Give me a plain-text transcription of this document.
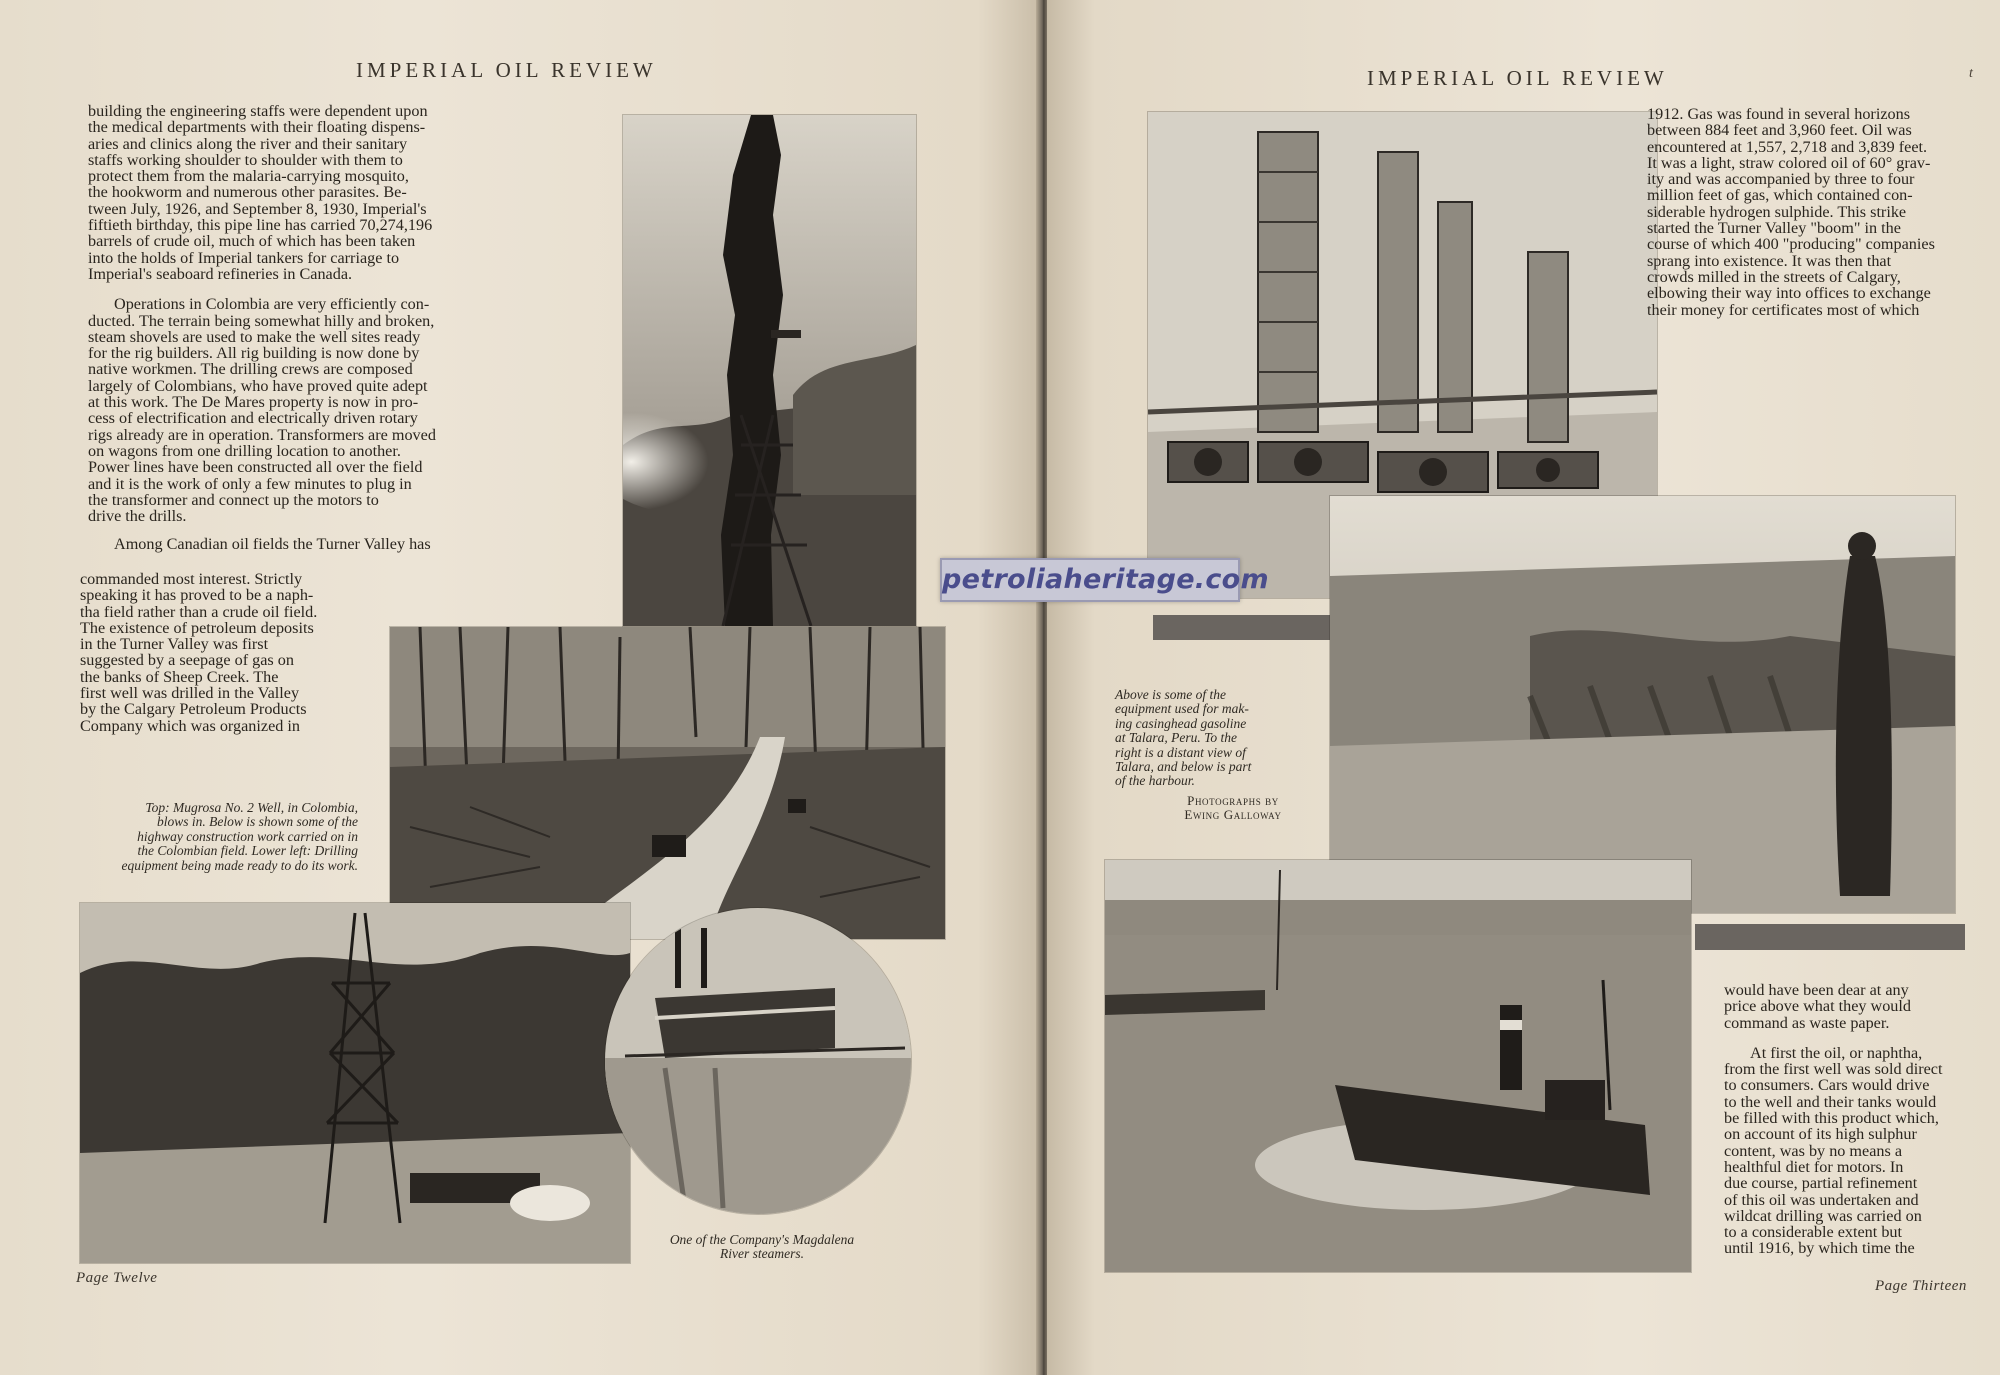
IMPERIAL OIL REVIEW

building the engineering staffs were dependent upon
the medical departments with their floating dispens-
aries and clinics along the river and their sanitary
staffs working shoulder to shoulder with them to
protect them from the malaria-carrying mosquito,
the hookworm and numerous other parasites. Be-
tween July, 1926, and September 8, 1930, Imperial's
fiftieth birthday, this pipe line has carried 70,274,196
barrels of crude oil, much of which has been taken
into the holds of Imperial tankers for carriage to
Imperial's seaboard refineries in Canada.

Operations in Colombia are very efficiently con-
ducted. The terrain being somewhat hilly and broken,
steam shovels are used to make the well sites ready
for the rig builders. All rig building is now done by
native workmen. The drilling crews are composed
largely of Colombians, who have proved quite adept
at this work. The De Mares property is now in pro-
cess of electrification and electrically driven rotary
rigs already are in operation. Transformers are moved
on wagons from one drilling location to another.
Power lines have been constructed all over the field
and it is the work of only a few minutes to plug in
the transformer and connect up the motors to
drive the drills.

Among Canadian oil fields the Turner Valley has

commanded most interest. Strictly
speaking it has proved to be a naph-
tha field rather than a crude oil field.
The existence of petroleum deposits
in the Turner Valley was first
suggested by a seepage of gas on
the banks of Sheep Creek. The
first well was drilled in the Valley
by the Calgary Petroleum Products
Company which was organized in

Top: Mugrosa No. 2 Well, in Colombia,
blows in. Below is shown some of the
highway construction work carried on in
the Colombian field. Lower left: Drilling
equipment being made ready to do its work.
One of the Company's Magdalena
River steamers.
Page Twelve
IMPERIAL OIL REVIEW	t
Above is some of the
equipment used for mak-
ing casinghead gasoline
at Talara, Peru. To the
right is a distant view of
Talara, and below is part
of the harbour.
Photographs by
Ewing Galloway

1912. Gas was found in several horizons
between 884 feet and 3,960 feet. Oil was
encountered at 1,557, 2,718 and 3,839 feet.
It was a light, straw colored oil of 60° grav-
ity and was accompanied by three to four
million feet of gas, which contained con-
siderable hydrogen sulphide. This strike
started the Turner Valley "boom" in the
course of which 400 "producing" companies
sprang into existence. It was then that
crowds milled in the streets of Calgary,
elbowing their way into offices to exchange
their money for certificates most of which

would have been dear at any
price above what they would
command as waste paper.

At first the oil, or naphtha,
from the first well was sold direct
to consumers. Cars would drive
to the well and their tanks would
be filled with this product which,
on account of its high sulphur
content, was by no means a
healthful diet for motors. In
due course, partial refinement
of this oil was undertaken and
wildcat drilling was carried on
to a considerable extent but
until 1916, by which time the

Page Thirteen
petroliaheritage.com
